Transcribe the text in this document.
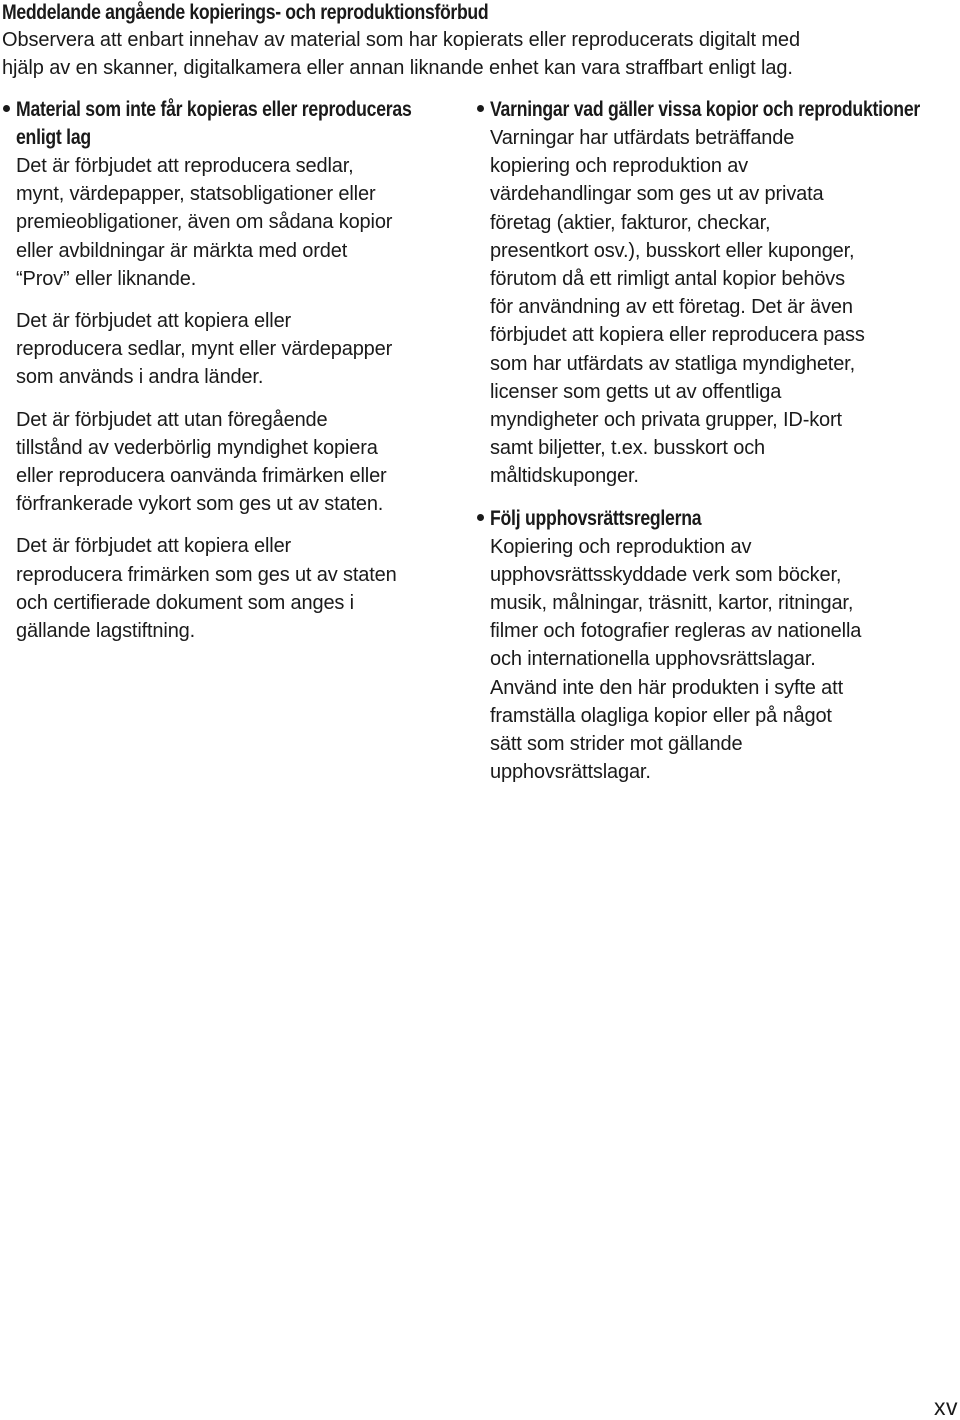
Meddelande angående kopierings- och reproduktionsförbud
Observera att enbart innehav av material som har kopierats eller reproducerats digitalt med
hjälp av en skanner, digitalkamera eller annan liknande enhet kan vara straffbart enligt lag.
Material som inte får kopieras eller reproduceras
enligt lag
Det är förbjudet att reproducera sedlar,
mynt, värdepapper, statsobligationer eller
premieobligationer, även om sådana kopior
eller avbildningar är märkta med ordet
“Prov” eller liknande.
Det är förbjudet att kopiera eller
reproducera sedlar, mynt eller värdepapper
som används i andra länder.
Det är förbjudet att utan föregående
tillstånd av vederbörlig myndighet kopiera
eller reproducera oanvända frimärken eller
förfrankerade vykort som ges ut av staten.
Det är förbjudet att kopiera eller
reproducera frimärken som ges ut av staten
och certifierade dokument som anges i
gällande lagstiftning.
Varningar vad gäller vissa kopior och reproduktioner
Varningar har utfärdats beträffande
kopiering och reproduktion av
värdehandlingar som ges ut av privata
företag (aktier, fakturor, checkar,
presentkort osv.), busskort eller kuponger,
förutom då ett rimligt antal kopior behövs
för användning av ett företag. Det är även
förbjudet att kopiera eller reproducera pass
som har utfärdats av statliga myndigheter,
licenser som getts ut av offentliga
myndigheter och privata grupper, ID-kort
samt biljetter, t.ex. busskort och
måltidskuponger.
Följ upphovsrättsreglerna
Kopiering och reproduktion av
upphovsrättsskyddade verk som böcker,
musik, målningar, träsnitt, kartor, ritningar,
filmer och fotografier regleras av nationella
och internationella upphovsrättslagar.
Använd inte den här produkten i syfte att
framställa olagliga kopior eller på något
sätt som strider mot gällande
upphovsrättslagar.
xv
